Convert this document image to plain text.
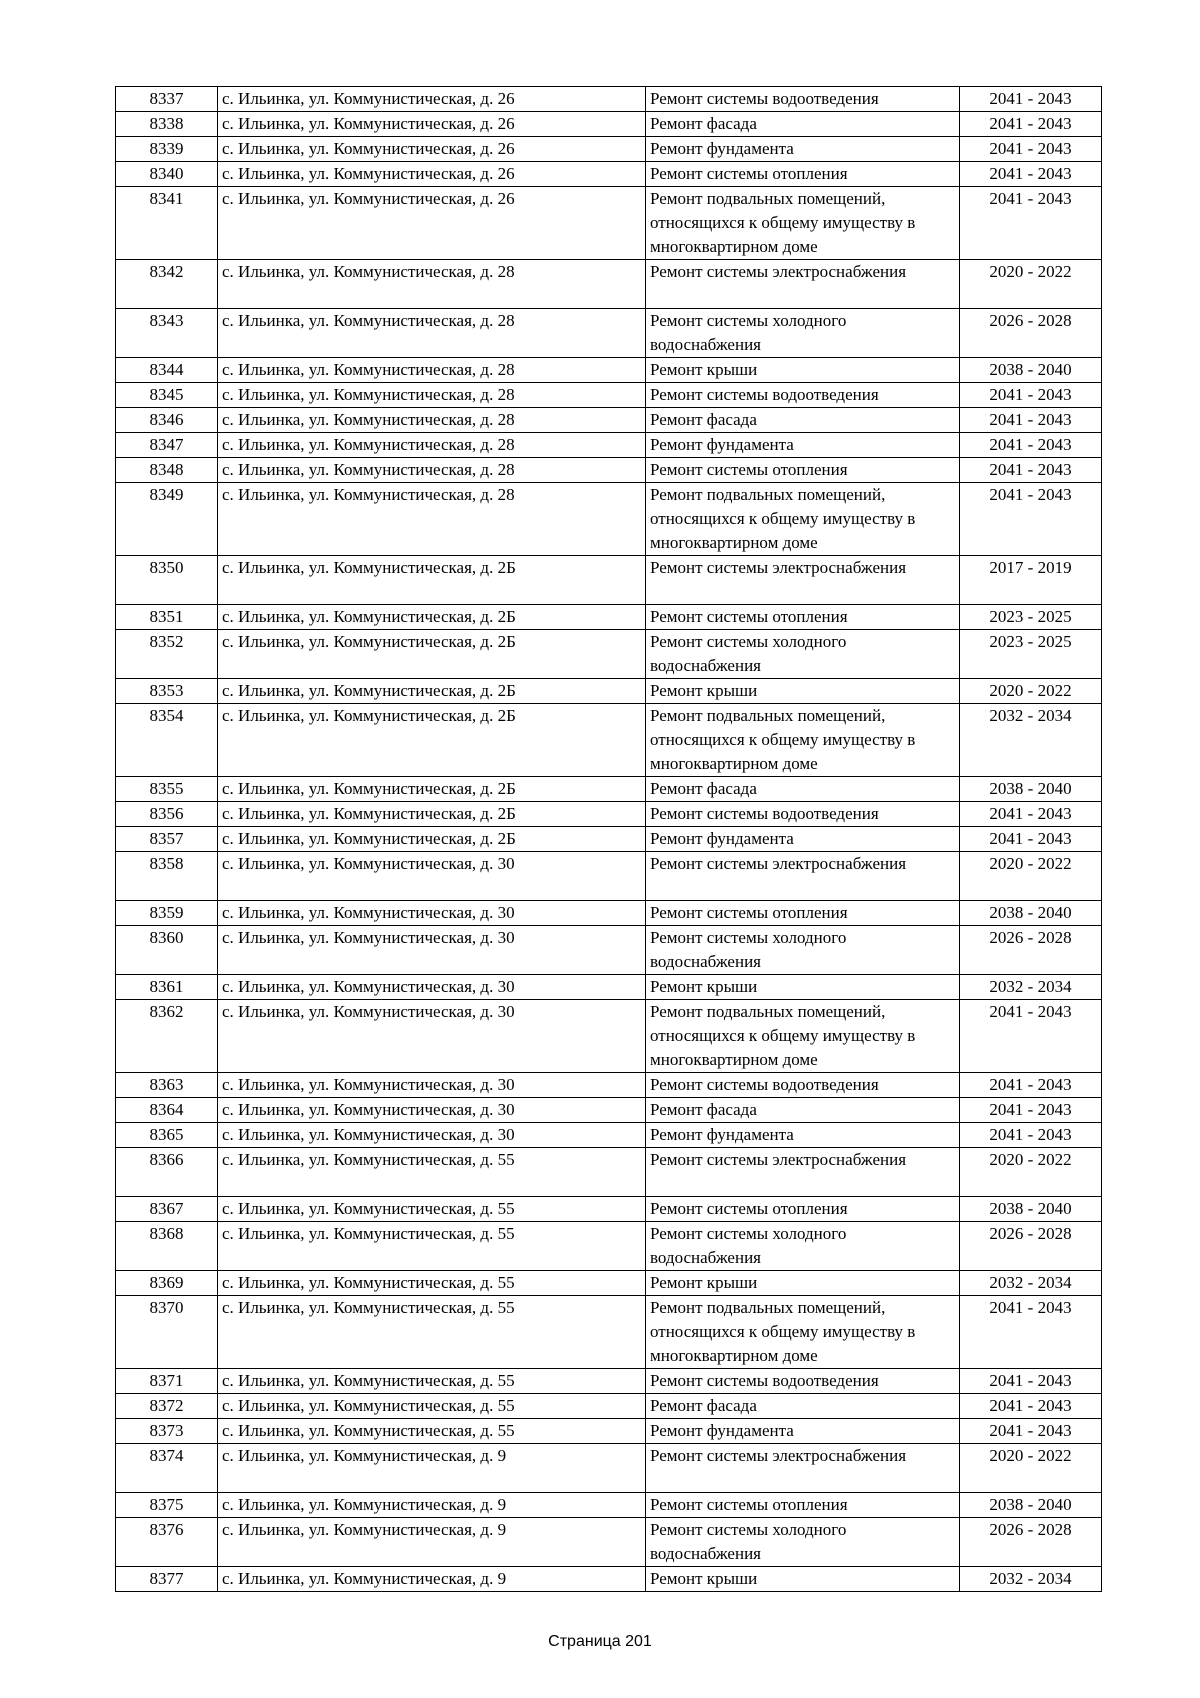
8337	с. Ильинка, ул. Коммунистическая, д. 26	Ремонт системы водоотведения	2041 - 2043
8338	с. Ильинка, ул. Коммунистическая, д. 26	Ремонт фасада	2041 - 2043
8339	с. Ильинка, ул. Коммунистическая, д. 26	Ремонт фундамента	2041 - 2043
8340	с. Ильинка, ул. Коммунистическая, д. 26	Ремонт системы отопления	2041 - 2043
8341	с. Ильинка, ул. Коммунистическая, д. 26	Ремонт подвальных помещений, относящихся к общему имуществу в многоквартирном доме	2041 - 2043
8342	с. Ильинка, ул. Коммунистическая, д. 28	Ремонт системы электроснабжения	2020 - 2022
8343	с. Ильинка, ул. Коммунистическая, д. 28	Ремонт системы холодного водоснабжения	2026 - 2028
8344	с. Ильинка, ул. Коммунистическая, д. 28	Ремонт крыши	2038 - 2040
8345	с. Ильинка, ул. Коммунистическая, д. 28	Ремонт системы водоотведения	2041 - 2043
8346	с. Ильинка, ул. Коммунистическая, д. 28	Ремонт фасада	2041 - 2043
8347	с. Ильинка, ул. Коммунистическая, д. 28	Ремонт фундамента	2041 - 2043
8348	с. Ильинка, ул. Коммунистическая, д. 28	Ремонт системы отопления	2041 - 2043
8349	с. Ильинка, ул. Коммунистическая, д. 28	Ремонт подвальных помещений, относящихся к общему имуществу в многоквартирном доме	2041 - 2043
8350	с. Ильинка, ул. Коммунистическая, д. 2Б	Ремонт системы электроснабжения	2017 - 2019
8351	с. Ильинка, ул. Коммунистическая, д. 2Б	Ремонт системы отопления	2023 - 2025
8352	с. Ильинка, ул. Коммунистическая, д. 2Б	Ремонт системы холодного водоснабжения	2023 - 2025
8353	с. Ильинка, ул. Коммунистическая, д. 2Б	Ремонт крыши	2020 - 2022
8354	с. Ильинка, ул. Коммунистическая, д. 2Б	Ремонт подвальных помещений, относящихся к общему имуществу в многоквартирном доме	2032 - 2034
8355	с. Ильинка, ул. Коммунистическая, д. 2Б	Ремонт фасада	2038 - 2040
8356	с. Ильинка, ул. Коммунистическая, д. 2Б	Ремонт системы водоотведения	2041 - 2043
8357	с. Ильинка, ул. Коммунистическая, д. 2Б	Ремонт фундамента	2041 - 2043
8358	с. Ильинка, ул. Коммунистическая, д. 30	Ремонт системы электроснабжения	2020 - 2022
8359	с. Ильинка, ул. Коммунистическая, д. 30	Ремонт системы отопления	2038 - 2040
8360	с. Ильинка, ул. Коммунистическая, д. 30	Ремонт системы холодного водоснабжения	2026 - 2028
8361	с. Ильинка, ул. Коммунистическая, д. 30	Ремонт крыши	2032 - 2034
8362	с. Ильинка, ул. Коммунистическая, д. 30	Ремонт подвальных помещений, относящихся к общему имуществу в многоквартирном доме	2041 - 2043
8363	с. Ильинка, ул. Коммунистическая, д. 30	Ремонт системы водоотведения	2041 - 2043
8364	с. Ильинка, ул. Коммунистическая, д. 30	Ремонт фасада	2041 - 2043
8365	с. Ильинка, ул. Коммунистическая, д. 30	Ремонт фундамента	2041 - 2043
8366	с. Ильинка, ул. Коммунистическая, д. 55	Ремонт системы электроснабжения	2020 - 2022
8367	с. Ильинка, ул. Коммунистическая, д. 55	Ремонт системы отопления	2038 - 2040
8368	с. Ильинка, ул. Коммунистическая, д. 55	Ремонт системы холодного водоснабжения	2026 - 2028
8369	с. Ильинка, ул. Коммунистическая, д. 55	Ремонт крыши	2032 - 2034
8370	с. Ильинка, ул. Коммунистическая, д. 55	Ремонт подвальных помещений, относящихся к общему имуществу в многоквартирном доме	2041 - 2043
8371	с. Ильинка, ул. Коммунистическая, д. 55	Ремонт системы водоотведения	2041 - 2043
8372	с. Ильинка, ул. Коммунистическая, д. 55	Ремонт фасада	2041 - 2043
8373	с. Ильинка, ул. Коммунистическая, д. 55	Ремонт фундамента	2041 - 2043
8374	с. Ильинка, ул. Коммунистическая, д. 9	Ремонт системы электроснабжения	2020 - 2022
8375	с. Ильинка, ул. Коммунистическая, д. 9	Ремонт системы отопления	2038 - 2040
8376	с. Ильинка, ул. Коммунистическая, д. 9	Ремонт системы холодного водоснабжения	2026 - 2028
8377	с. Ильинка, ул. Коммунистическая, д. 9	Ремонт крыши	2032 - 2034
Страница 201
